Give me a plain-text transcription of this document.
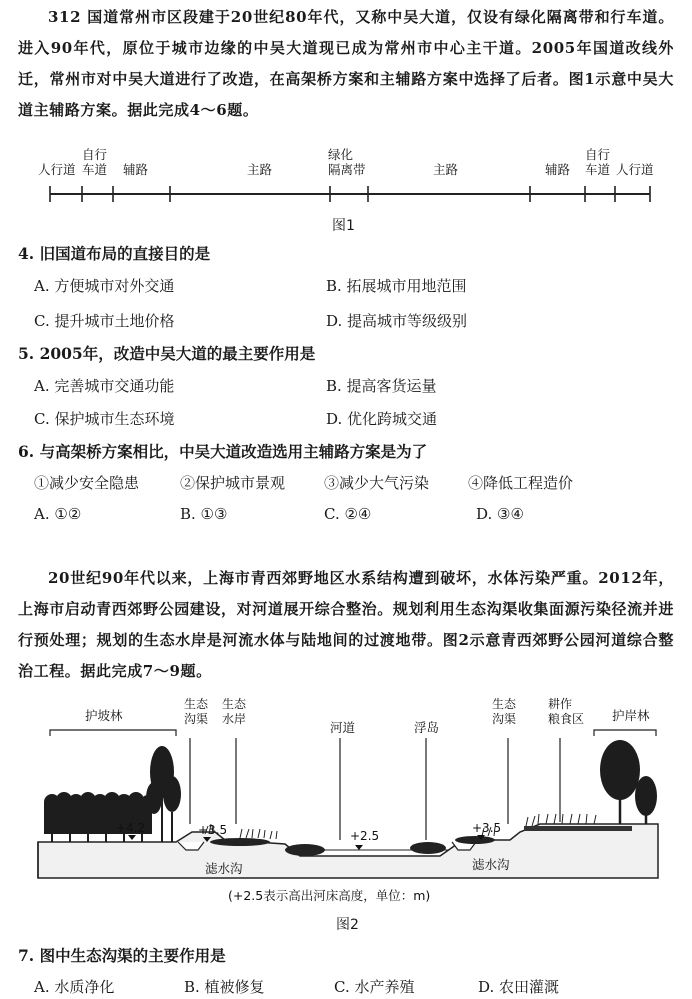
312 国道常州市区段建于20世纪80年代，又称中吴大道，仅设有绿化隔离带和行车道。进入90年代，原位于城市边缘的中吴大道现已成为常州市中心主干道。2005年国道改线外迁，常州市对中吴大道进行了改造，在高架桥方案和主辅路方案中选择了后者。图1示意中吴大道主辅路方案。据此完成4～6题。
人行道
自行车道 辅路	主路
绿化隔离带	主路	辅路
自行车道 人行道
图1
4. 旧国道布局的直接目的是
A. 方便城市对外交通	B. 拓展城市用地范围
C. 提升城市土地价格	D. 提高城市等级级别
5. 2005年，改造中吴大道的最主要作用是
A. 完善城市交通功能	B. 提高客货运量
C. 保护城市生态环境	D. 优化跨城交通
6. 与高架桥方案相比，中吴大道改造选用主辅路方案是为了
①减少安全隐患	②保护城市景观	③减少大气污染	④降低工程造价
A. ①②	B. ①③	C. ②④	D. ③④
20世纪90年代以来，上海市青西郊野地区水系结构遭到破坏，水体污染严重。2012年，上海市启动青西郊野公园建设，对河道展开综合整治。规划利用生态沟渠收集面源污染径流并进行预处理；规划的生态水岸是河流水体与陆地间的过渡地带。图2示意青西郊野公园河道综合整治工程。据此完成7～9题。
护坡林
生态沟渠
生态水岸
河道	浮岛
生态沟渠
耕作粮食区 护岸林
+4.2	+3.5	+2.5
+3.5
滤水沟	滤水沟
(+2.5表示高出河床高度，单位：m)
图2
7. 图中生态沟渠的主要作用是
A. 水质净化	B. 植被修复	C. 水产养殖	D. 农田灌溉
